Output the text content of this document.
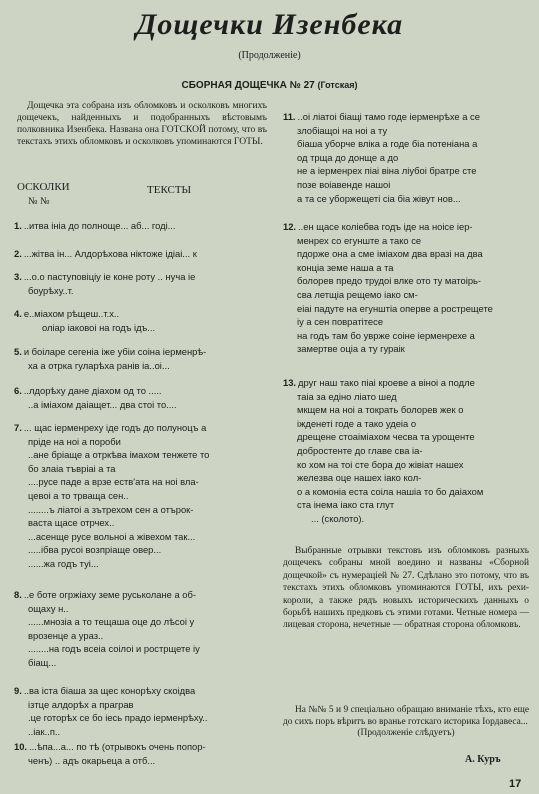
Дощечки Изенбека
(Продолженiе)
СБОРНАЯ ДОЩЕЧКА № 27 (Готская)
Дощечка эта собрана изъ обломковъ и осколковъ многихъ дощечекъ, найденныхъ и подобранныхъ вѣстовымъ полковника Изенбека. Названа она ГОТСКОЙ потому, что въ текстахъ этихъ обломковъ и осколковъ упоминаются ГОТЫ.
ОСКОЛКИ	ТЕКСТЫ
№ №
1. ..итва iнiа до полноще... аб... годi...
2. ...жiтва iн... Алдорѣхова нiктоже iдiаi... к
3. ...о.о паступовiцiу iе коне роту .. нуча iе
боурѣху..т.
4. е..мiахом рѣщеш..т.х..
олiар iаковоi на годъ iдъ...
5. и боiларе сегенiа iже убiи соiна iерменрѣ-
ха а отрка гуларѣха ранiв iа..оi...
6. ..лдорѣху дане дiахом од то .....
..а iмiахом даiащет... два стоi то....
7. ... щас iерменреху iде годъ до полуноцъ а
прiде на ноi а пороби
..ане брiаще а отркѣва iмахом тенжете то
бо злаiа тъврiаi а та
....русе паде а врзе еств'ата на ноi вла-
цевоi а то трваща сен..
........ъ лiатоi а зътрехом сен а отърок-
васта щасе отрчех..
...асенще русе вольноi а жiвехом так...
.....iбва русоi возпрiаще овер...
......жа годъ туi...
8. ..е боте огржiаху земе руськолане а об-
ощаху н..
......мнозiа а то тещаша оце до лѣсоi у
врозенце а ураз..
........на годъ всеiа соiлоi и рострщете iу
бiащ...
9. ..ва iста бiаша за щес конорѣху скоiдва
iзтце алдорѣх а праграв
.це готорѣх се бо iесь прадо iерменрѣху..
..iак..п..
10. ...ѣпа...а... по тѣ (отрывокъ очень попор-
ченъ) .. адъ окарьеца а отб...
11. ..оi лiатоi бiащi тамо годе iерменрѣхе а се
злобiащоi на ноi а ту
бiаша уборче влiка а годе бiа потенiана а
од трща до донще а до
не а iерменрех пiаi вiна лiубоi братре сте
позе воiавенде нашоi
а та се уборжещетi сiа бiа жiвут нов...
12. ..ен щасе колiебва годъ iде на ноiсе iер-
менрех со егунште а тако се
пдорже она а сме iмiахом два вразi на два
концiа земе наша а та
болорев предо трудоi влке ото ту матоiрь-
сва летщiа рещемо iако см-
еiаi падуте на егунштiа оперве а рострещете
iу а сен повратiтесе
на годъ там бо уврже соiне iерменрехе а
замертве оцiа а ту гураiк
13. друг наш тако пiаi кроеве а вiноi а подле
таiа за едiно лiато шед
мкщем на ноi а тократь болорев жек о
iжденетi годе а тако удеiа о
дрещене стоаiмiахом чесва та урощенте
добростенте до главе сва iа-
ко хом на тоi сте бора до жiвiат нашех
железва оце нашех iако кол-
о а комонiа еста соiла нашiа то бо даiахом
ста iнема iако ста глут
... (сколото).
Выбранные отрывки текстовъ изъ обломковъ разныхъ дощечекъ собраны мной воедино и названы «Сборной дощечкой» съ нумераціей № 27. Сдѣлано это потому, что въ текстахъ этихъ обломковъ упоминаются ГОТЫ, ихъ рехи-короли, а также рядъ новыхъ историческихъ данныхъ о борьбѣ нашихъ предковъ съ этими готами. Четные номера — лицевая сторона, нечетные — обратная сторона обломковъ.
На №№ 5 и 9 спеціально обращаю вниманіе тѣхъ, кто еще до сихъ поръ вѣритъ во вранье готскаго историка Іордавеса...
(Продолженіе слѣдуетъ)
А. Куръ
17
